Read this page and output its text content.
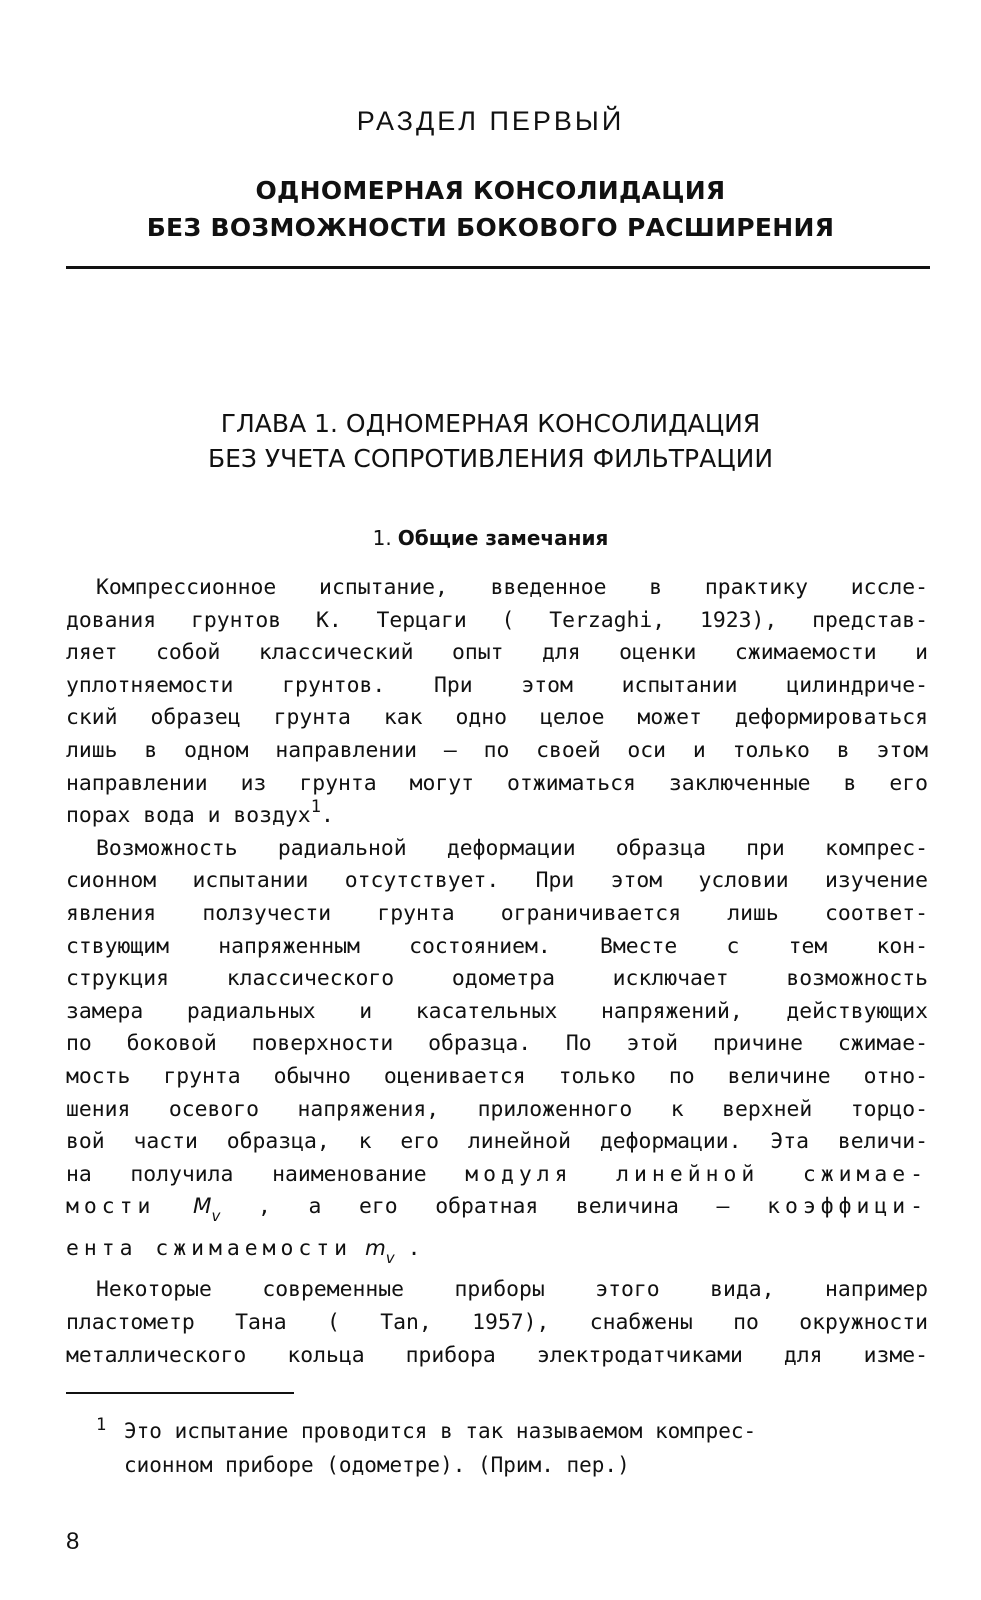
РАЗДЕЛ ПЕРВЫЙ
ОДНОМЕРНАЯ КОНСОЛИДАЦИЯ
БЕЗ ВОЗМОЖНОСТИ БОКОВОГО РАСШИРЕНИЯ
ГЛАВА 1. ОДНОМЕРНАЯ КОНСОЛИДАЦИЯ
БЕЗ УЧЕТА СОПРОТИВЛЕНИЯ ФИЛЬТРАЦИИ
1. Общие замечания
Компрессионное испытание, введенное в практику иссле-
дования грунтов К. Терцаги ( Terzaghi, 1923), представ-
ляет собой классический опыт для оценки сжимаемости и
уплотняемости грунтов. При этом испытании цилиндриче-
ский образец грунта как одно целое может деформироваться
лишь в одном направлении – по своей оси и только в этом
направлении из грунта могут отжиматься заключенные в его
порах вода и воздух$^1$.
Возможность радиальной деформации образца при компрес-
сионном испытании отсутствует. При этом условии изучение
явления ползучести грунта ограничивается лишь соответ-
ствующим напряженным состоянием. Вместе с тем кон-
струкция классического одометра исключает возможность
замера радиальных и касательных напряжений, действующих
по боковой поверхности образца. По этой причине сжимае-
мость грунта обычно оценивается только по величине отно-
шения осевого напряжения, приложенного к верхней торцо-
вой части образца, к его линейной деформации. Эта величи-
на получила наименование модуля линейной сжимае-
мости $M_v$ , а его обратная величина – коэффици-
ента сжимаемости $m_v$ .
Некоторые современные приборы этого вида, например
пластометр Тана ( Tan, 1957), снабжены по окружности
металлического кольца прибора электродатчиками для изме-
1 Это испытание проводится в так называемом компрес-
сионном приборе (одометре). (Прим. пер.)
8
